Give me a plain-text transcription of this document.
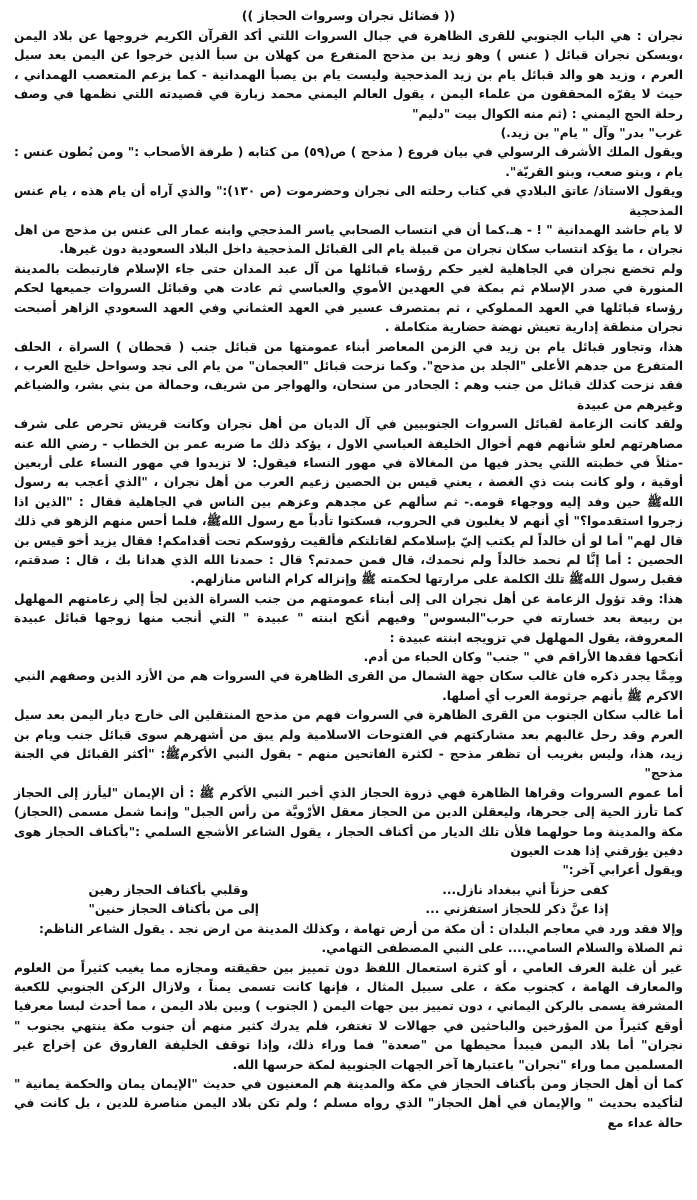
(( فضائل نجران وسروات الحجاز ))

نجران : هي الباب الجنوبي للقرى الظاهرة في جبال السروات اللتي أكد القرآن الكريم خروجها عن بلاد اليمن ،ويسكن نجران قبائل ( عنس ) وهو زيد بن مذحج المتفرع من كهلان بن سبأ الذين خرجوا عن اليمن بعد سيل العرم ، وزيد هو والد قبائل يام بن زيد المذحجية وليست يام بن يصبأ الهمدانية - كما يزعم المتعصب الهمداني ، حيث لا يقرّه المحققون من علماء اليمن ، يقول العالم اليمني محمد زبارة في قصيدته اللتي نظمها في وصف رحلة الحج اليمني : (ثم منه الكوال بيت "دليم"

غرب" بدر" وآل " يام" بن زيد.)

ويقول الملك الأشرف الرسولي في بيان فروع ( مذحج ) ص(٥٩) من كتابه ( طرفة الأصحاب :" ومن بُطون عنس : يام ، وبنو صعب، وبنو القريّة".

ويقول الاستاذ/ عاتق البلادي في كتاب رحلته الى نجران وحضرموت (ص ١٣٠):" والذي آراه أن يام هذه ، يام عنس المذحجية

لا يام حاشد الهمدانية " ! - هـ.كما أن في انتساب الصحابي ياسر المذحجي وابنه عمار الى عنس بن مذحج من اهل نجران ، ما يؤكد انتساب سكان نجران من قبيلة يام الى القبائل المذحجية داخل البلاد السعودية دون غيرها.

ولم تخضع نجران في الجاهلية لغير حكم رؤساء قبائلها من آل عبد المدان حتى جاء الإسلام فارتبطت بالمدينة المنورة في صدر الإسلام ثم بمكة في العهدين الأموي والعباسي ثم عادت هي وقبائل السروات جميعها لحكم رؤساء قبائلها في العهد المملوكي ، ثم بمتصرف عسير في العهد العثماني وفي العهد السعودي الزاهر أصبحت نجران منطقة إدارية تعيش نهضة حضارية متكاملة .

هذا، وتجاور قبائل يام بن زيد في الزمن المعاصر أبناء عمومتها من قبائل جنب ( قحطان ) السراة ، الحلف المتفرع من جدهم الأعلى "الجلد بن مذحج". وكما نزحت قبائل "العجمان" من يام الى نجد وسواحل خليج العرب ، فقد نزحت كذلك قبائل من جنب وهم : الجحادر من سنحان، والهواجر من شريف، وحمالة من بني بشر، والضياغم وغيرهم من عبيدة

ولقد كانت الزعامة لقبائل السروات الجنوبيين في آل الديان من أهل نجران وكانت قريش تحرص على شرف مصاهرتهم لعلو شأنهم فهم أخوال الخليفة العباسي الاول ، يؤكد ذلك ما ضربه عمر بن الخطاب - رضي الله عنه -مثلاً في خطبته اللتي يحذر فيها من المغالاة في مهور النساء فيقول: لا تزيدوا في مهور النساء على أربعين أوقية ، ولو كانت بنت ذي الغصة ، يعني قيس بن الحصين زعيم العرب من أهل نجران ، "الذي أعجب به رسول اللهﷺ حين وفد إليه ووجهاء قومه.- ثم سألهم عن مجدهم وعزهم بين الناس في الجاهلية فقال : "الذين اذا زجروا استقدموا؟" أي أنهم لا يغلبون في الحروب، فسكتوا تأدباً مع رسول اللهﷺ، فلما أحس منهم الزهو في ذلك قال لهم" أما لو أن خالداً لم يكتب إليّ بإسلامكم لقاتلتكم فألقيت رؤوسكم تحت أقدامكم! فقال يزيد أخو قيس بن الحصين : أما إنَّا لم نحمد خالداً ولم نحمدك، قال فمن حمدتم؟ قال : حمدنا الله الذي هدانا بك ، قال : صدقتم، فقبل رسول اللهﷺ تلك الكلمة على مرارتها لحكمته ﷺ وإنزاله كرام الناس منازلهم.

هذا: وقد تؤول الزعامة عن أهل نجران الى إلى أبناء عمومتهم من جنب السراة الذين لجأ إلي زعامتهم المهلهل بن ربيعة بعد خسارته في حرب"البسوس" وفيهم أنكح ابنته " عبيدة " التي أنجب منها زوجها قبائل عبيدة المعروفة، يقول المهلهل في تزويجه ابنته عبيدة :

أنكحها فقدها الأراقم في " جنب" وكان الحباء من أدم.

ومِمَّا يجدر ذكره فان غالب سكان جهة الشمال من القرى الظاهرة في السروات هم من الأزد الذين وصفهم النبي الاكرم ﷺ بأنهم جرثومة العرب أي أصلها.

أما غالب سكان الجنوب من القرى الظاهرة في السروات فهم من مذحج المنتقلين الى خارج ديار اليمن بعد سيل العرم وقد رحل غالبهم بعد مشاركتهم في الفتوحات الاسلامية ولم يبق من أشهرهم سوى قبائل جنب ويام بن زيد، هذا، وليس بغريب أن تظفر مذحج - لكثرة الفاتحين منهم - بقول النبي الأكرمﷺ: "أكثر القبائل في الجنة مذحج"

أما عموم السروات وقراها الظاهرة فهي ذروة الحجاز الذي أخبر النبي الأكرم ﷺ : أن الإيمان "ليأرز إلى الحجاز كما تأرز الحية إلى جحرها، وليعقلن الدين من الحجاز معقل الأرْويَّة من رأس الجبل" وإنما شمل مسمى (الحجاز) مكة والمدينة وما حولهما فلأن تلك الديار من أكناف الحجاز ، يقول الشاعر الأشجع السلمي :"بأكناف الحجاز هوى دفين يؤرقني إذا هدت العيون

ويقول أعرابي آخر:"

كفى حزناً أني ببغداد نازل...
وقلبي بأكناف الحجاز رهين
إذا عنَّ ذكر للحجاز استفزني ...
إلى من بأكناف الحجاز حنين"

وإلا فقد ورد في معاجم البلدان : أن مكة من أرض تهامة ، وكذلك المدينة من ارض نجد . يقول الشاعر الناظم:

ثم الصلاة والسلام السامي.... على النبي المصطفى التهامي.

غير أن غلبة العرف العامي ، أو كثرة استعمال اللفظ دون تمييز بين حقيقته ومجازه مما يغيب كثيراً من العلوم والمعارف الهامة ، كجنوب مكة ، على سبيل المثال ، فإنها كانت تسمى يمناً ، ولازال الركن الجنوبي للكعبة المشرفة يسمى بالركن اليماني ، دون تمييز بين جهات اليمن ( الجنوب ) وبين بلاد اليمن ، مما أحدث لبسا معرفيا أوقع كثيراً من المؤرخين والباحثين في جهالات لا تغتفر، فلم يدرك كثير منهم أن جنوب مكة ينتهي بجنوب " نجران" أما بلاد اليمن فيبدأ محيطها من "صعدة" فما وراء ذلك، وإذا توقف الخليفة الفاروق عن إخراج غير المسلمين مما وراء "نجران" باعتبارها آخر الجهات الجنوبية لمكة حرسها الله.

كما أن أهل الحجاز ومن بأكناف الحجاز في مكة والمدينة هم المعنيون في حديث "الإيمان يمان والحكمة يمانية " لتأكيده بحديث " والإيمان في أهل الحجاز" الذي رواه مسلم ؛ ولم تكن بلاد اليمن مناصرة للدين ، بل كانت في حالة عداء مع
